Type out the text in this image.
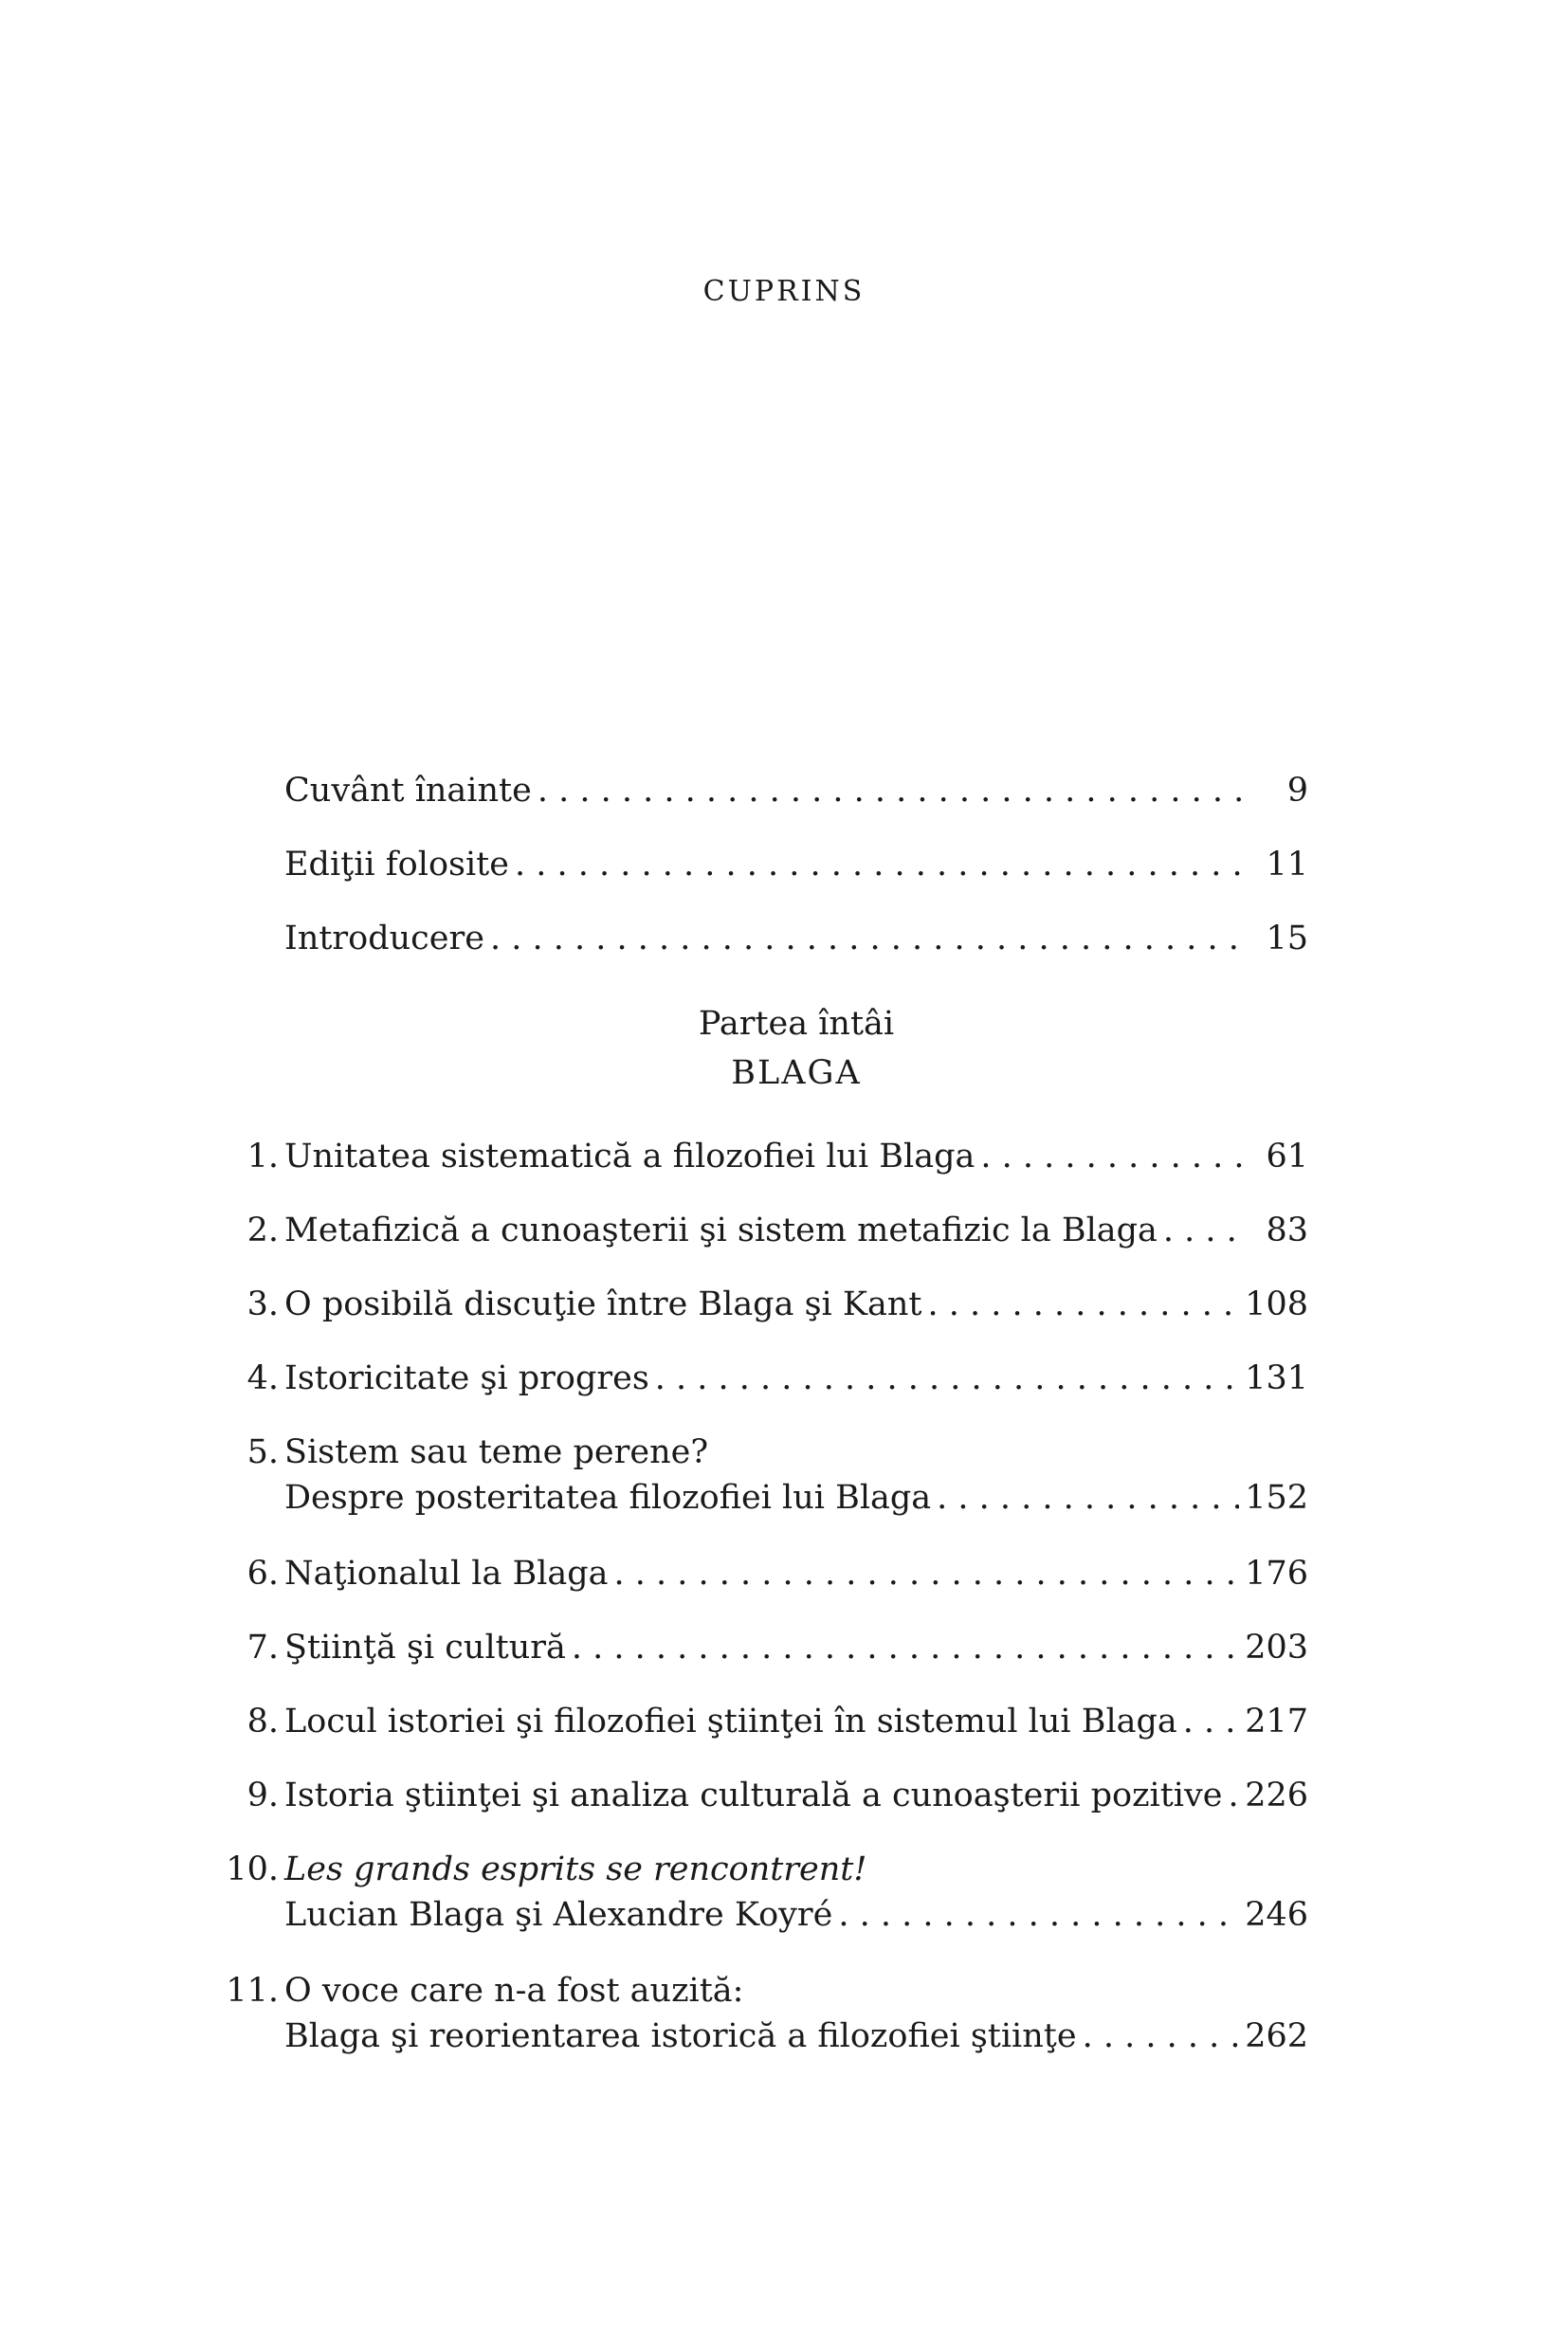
CUPRINS
Cuvânt înainte . . .	9
Ediţii folosite . . .	11
Introducere . . .	15
Partea întâi
BLAGA
1. Unitatea sistematică a filozofiei lui Blaga . . .	61
2. Metafizică a cunoaşterii şi sistem metafizic la Blaga . . .	83
3. O posibilă discuţie între Blaga şi Kant . . .	108
4. Istoricitate şi progres . . .	131
5. Sistem sau teme perene?
Despre posteritatea filozofiei lui Blaga . . .	152
6. Naţionalul la Blaga . . .	176
7. Ştiinţă şi cultură . . .	203
8. Locul istoriei şi filozofiei ştiinţei în sistemul lui Blaga . . . 217
9. Istoria ştiinţei şi analiza culturală a cunoaşterii pozitive . . . 226
10. Les grands esprits se rencontrent!
Lucian Blaga şi Alexandre Koyré . . .	246
11. O voce care n-a fost auzită:
Blaga şi reorientarea istorică a filozofiei ştiinţe . . .	262
